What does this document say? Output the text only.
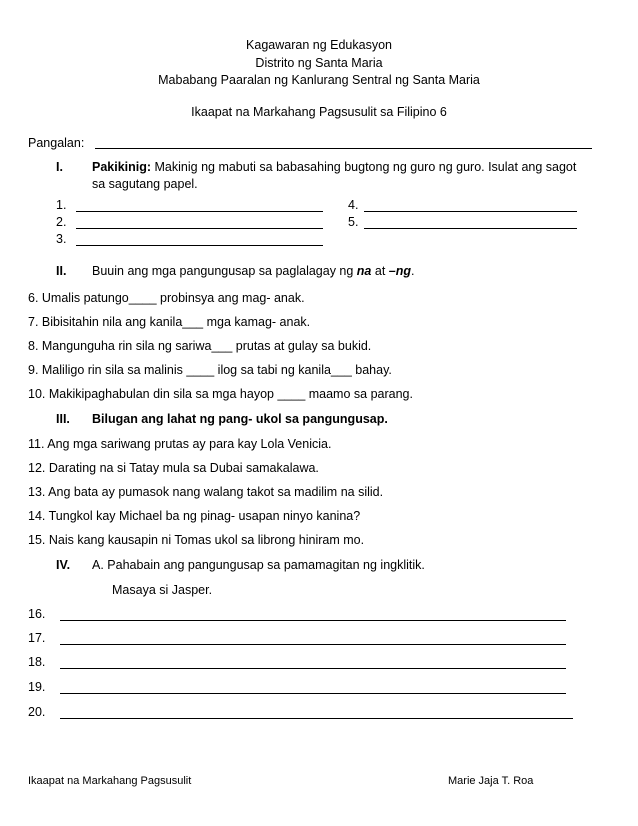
Kagawaran ng Edukasyon
Distrito ng Santa Maria
Mababang Paaralan ng Kanlurang Sentral ng Santa Maria
Ikaapat na Markahang Pagsusulit sa Filipino 6
Pangalan:
I. Pakikinig: Makinig ng mabuti sa babasahing bugtong ng guro ng guro. Isulat ang sagot
sa sagutang papel.
1.
2.
3.
4.
5.
II. Buuin ang mga pangungusap sa paglalagay ng na at –ng.
6. Umalis patungo____ probinsya ang mag- anak.
7. Bibisitahin nila ang kanila___ mga kamag- anak.
8. Mangunguha rin sila ng sariwa___ prutas at gulay sa bukid.
9. Maliligo rin sila sa malinis ____ ilog sa tabi ng kanila___ bahay.
10. Makikipaghabulan din sila sa mga hayop ____ maamo sa parang.
III. Bilugan ang lahat ng pang- ukol sa pangungusap.
11. Ang mga sariwang prutas ay para kay Lola Venicia.
12. Darating na si Tatay mula sa Dubai samakalawa.
13. Ang bata ay pumasok nang walang takot sa madilim na silid.
14. Tungkol kay Michael ba ng pinag- usapan ninyo kanina?
15. Nais kang kausapin ni Tomas ukol sa librong hiniram mo.
IV. A. Pahabain ang pangungusap sa pamamagitan ng ingklitik.
Masaya si Jasper.
16.
17.
18.
19.
20.
Ikaapat na Markahang Pagsusulit	Marie Jaja T. Roa
